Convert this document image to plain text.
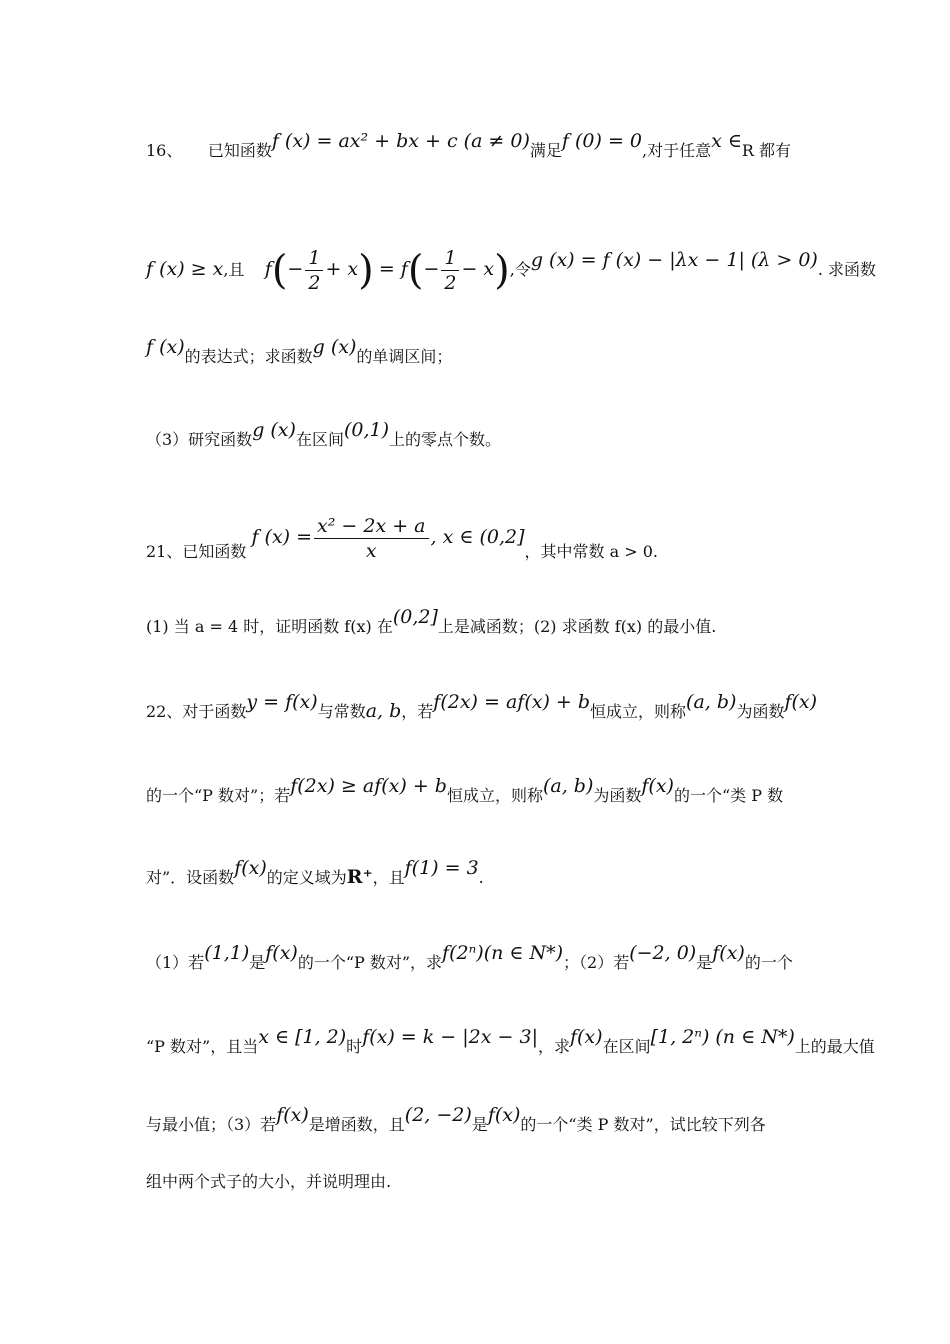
16、 已知函数f (x) = ax² + bx + c (a ≠ 0)满足f (0) = 0,对于任意x ∈R 都有
f (x) ≥ x,且 $f(- \frac{1}{2} + x) = f(- \frac{1}{2} - x)$,令g (x) = f (x) − |λx − 1| (λ > 0). 求函数
f (x)的表达式；求函数g (x)的单调区间；
（3）研究函数g (x)在区间(0,1)上的零点个数。
21、已知函数 f $(x) = \frac{\text{x² − 2x + a}}{x}$ , x ∈ (0,2]，其中常数 a > 0.
(1) 当 a = 4 时，证明函数 f(x) 在(0,2]上是减函数；(2) 求函数 f(x) 的最小值.
22、对于函数y = f(x)与常数a, b，若f(2x) = af(x) + b恒成立，则称(a, b)为函数f(x)
的一个“P 数对”；若f(2x) ≥ af(x) + b恒成立，则称(a, b)为函数f(x)的一个“类 P 数
对”．设函数f(x)的定义域为R⁺，且f(1) = 3.
（1）若(1,1)是f(x)的一个“P 数对”，求f(2ⁿ)(n ∈ N*)；（2）若(−2, 0)是f(x)的一个
“P 数对”，且当x ∈ [1, 2)时f(x) = k − |2x − 3|，求f(x)在区间[1, 2ⁿ) (n ∈ N*)上的最大值
与最小值；（3）若f(x)是增函数，且(2, −2)是f(x)的一个“类 P 数对”，试比较下列各
组中两个式子的大小，并说明理由.
